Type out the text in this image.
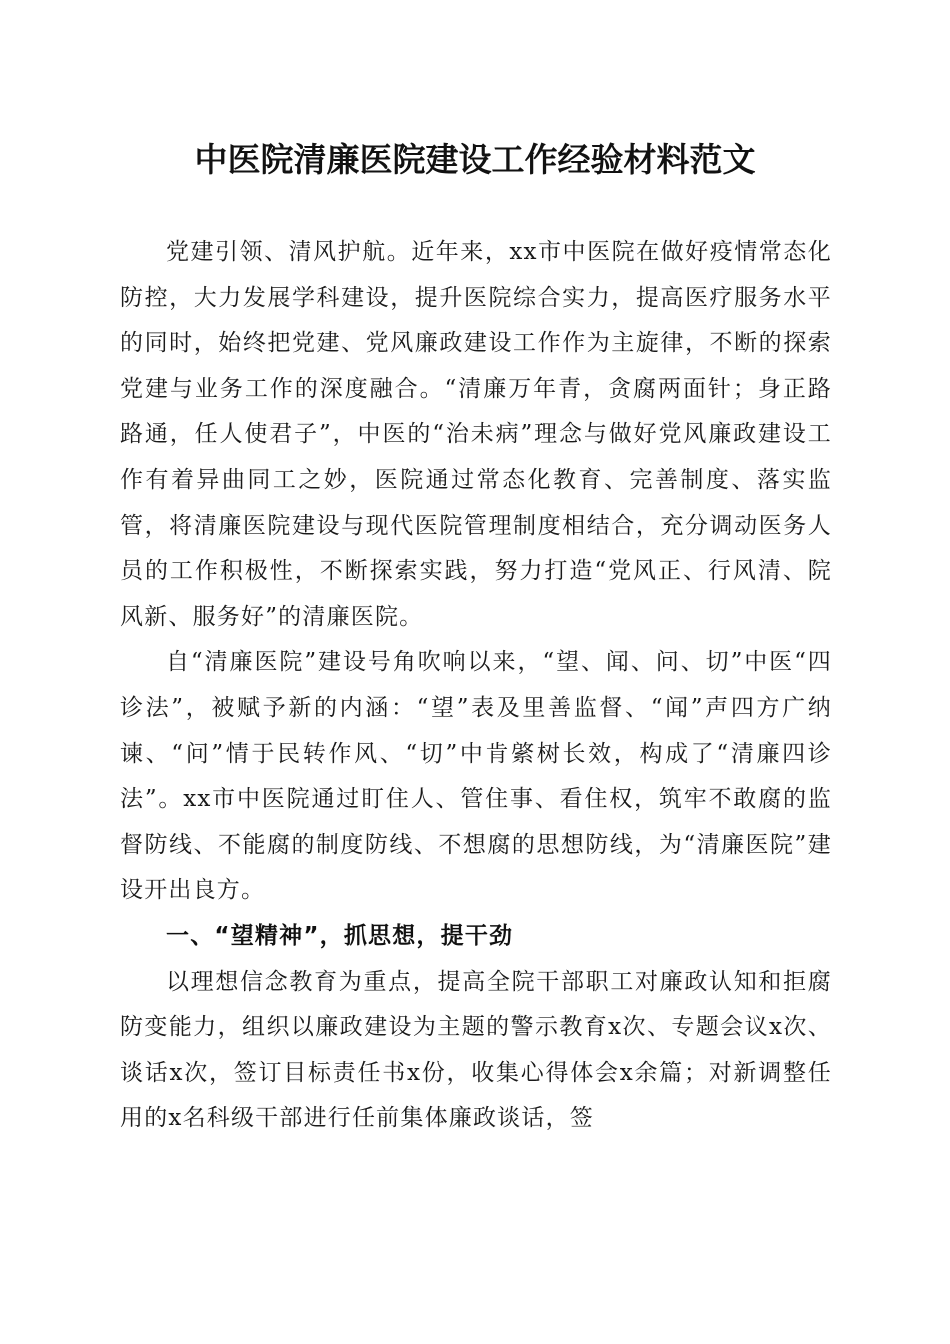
中医院清廉医院建设工作经验材料范文

党建引领、清风护航。近年来，xx市中医院在做好疫情常态化防控，大力发展学科建设，提升医院综合实力，提高医疗服务水平的同时，始终把党建、党风廉政建设工作作为主旋律，不断的探索党建与业务工作的深度融合。“清廉万年青，贪腐两面针；身正路路通，任人使君子”，中医的“治未病”理念与做好党风廉政建设工作有着异曲同工之妙，医院通过常态化教育、完善制度、落实监管，将清廉医院建设与现代医院管理制度相结合，充分调动医务人员的工作积极性，不断探索实践，努力打造“党风正、行风清、院风新、服务好”的清廉医院。

自“清廉医院”建设号角吹响以来，“望、闻、问、切”中医“四诊法”，被赋予新的内涵：“望”表及里善监督、“闻”声四方广纳谏、“问”情于民转作风、“切”中肯綮树长效，构成了“清廉四诊法”。xx市中医院通过盯住人、管住事、看住权，筑牢不敢腐的监督防线、不能腐的制度防线、不想腐的思想防线，为“清廉医院”建设开出良方。

一、“望精神”，抓思想，提干劲

以理想信念教育为重点，提高全院干部职工对廉政认知和拒腐防变能力，组织以廉政建设为主题的警示教育x次、专题会议x次、谈话x次，签订目标责任书x份，收集心得体会x余篇；对新调整任用的x名科级干部进行任前集体廉政谈话，签
